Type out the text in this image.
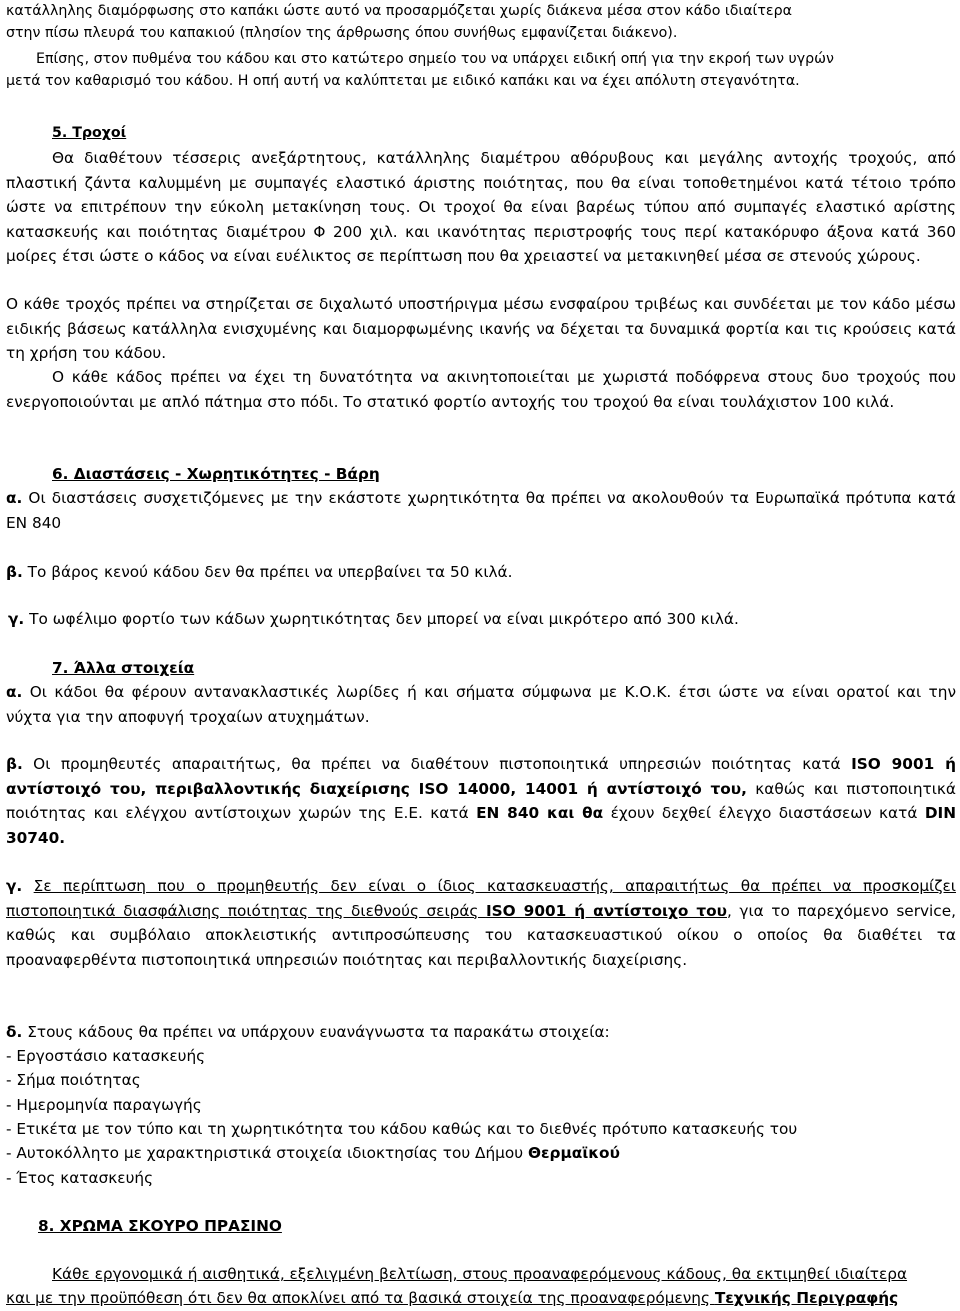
κατάλληλης διαμόρφωσης στο καπάκι ώστε αυτό να προσαρμόζεται χωρίς διάκενα μέσα στον κάδο ιδιαίτερα

στην πίσω πλευρά του καπακιού (πλησίον της άρθρωσης όπου συνήθως εμφανίζεται διάκενο).

Επίσης, στον πυθμένα του κάδου και στο κατώτερο σημείο του να υπάρχει ειδική οπή για την εκροή των υγρών

μετά τον καθαρισμό του κάδου. Η οπή αυτή να καλύπτεται με ειδικό καπάκι και να έχει απόλυτη στεγανότητα.

5. Τροχοί

Θα διαθέτουν τέσσερις ανεξάρτητους, κατάλληλης διαμέτρου αθόρυβους και μεγάλης αντοχής τροχούς, από πλαστική ζάντα καλυμμένη με συμπαγές ελαστικό άριστης ποιότητας, που θα είναι τοποθετημένοι κατά τέτοιο τρόπο ώστε να επιτρέπουν την εύκολη μετακίνηση τους. Οι τροχοί θα είναι βαρέως τύπου από συμπαγές ελαστικό αρίστης κατασκευής και ποιότητας διαμέτρου Φ 200 χιλ. και ικανότητας περιστροφής τους περί κατακόρυφο άξονα κατά 360 μοίρες έτσι ώστε ο κάδος να είναι ευέλικτος σε περίπτωση που θα χρειαστεί να μετακινηθεί μέσα σε στενούς χώρους.

Ο κάθε τροχός πρέπει να στηρίζεται σε διχαλωτό υποστήριγμα μέσω ενσφαίρου τριβέως και συνδέεται με τον κάδο μέσω ειδικής βάσεως κατάλληλα ενισχυμένης και διαμορφωμένης ικανής να δέχεται τα δυναμικά φορτία και τις κρούσεις κατά τη χρήση του κάδου.

Ο κάθε κάδος πρέπει να έχει τη δυνατότητα να ακινητοποιείται με χωριστά ποδόφρενα στους δυο τροχούς που ενεργοποιούνται με απλό πάτημα στο πόδι. Το στατικό φορτίο αντοχής του τροχού θα είναι τουλάχιστον 100 κιλά.

6. Διαστάσεις - Χωρητικότητες - Βάρη

α. Οι διαστάσεις συσχετιζόμενες με την εκάστοτε χωρητικότητα θα πρέπει να ακολουθούν τα Ευρωπαϊκά πρότυπα κατά ΕΝ 840

β. Το βάρος κενού κάδου δεν θα πρέπει να υπερβαίνει τα 50 κιλά.

γ. Το ωφέλιμο φορτίο των κάδων χωρητικότητας δεν μπορεί να είναι μικρότερο από 300 κιλά.

7. Άλλα στοιχεία

α. Οι κάδοι θα φέρουν αντανακλαστικές λωρίδες ή και σήματα σύμφωνα με Κ.Ο.Κ. έτσι ώστε να είναι ορατοί και την νύχτα για την αποφυγή τροχαίων ατυχημάτων.

β. Οι προμηθευτές απαραιτήτως, θα πρέπει να διαθέτουν πιστοποιητικά υπηρεσιών ποιότητας κατά ISO 9001 ή αντίστοιχό του, περιβαλλοντικής διαχείρισης ISO 14000, 14001 ή αντίστοιχό του, καθώς και πιστοποιητικά ποιότητας και ελέγχου αντίστοιχων χωρών της Ε.Ε. κατά ΕΝ 840 και θα έχουν δεχθεί έλεγχο διαστάσεων κατά DIN 30740.

γ. Σε περίπτωση που ο προμηθευτής δεν είναι ο ίδιος κατασκευαστής, απαραιτήτως θα πρέπει να προσκομίζει πιστοποιητικά διασφάλισης ποιότητας της διεθνούς σειράς ISO 9001 ή αντίστοιχο του, για το παρεχόμενο service, καθώς και συμβόλαιο αποκλειστικής αντιπροσώπευσης του κατασκευαστικού οίκου ο οποίος θα διαθέτει τα προαναφερθέντα πιστοποιητικά υπηρεσιών ποιότητας και περιβαλλοντικής διαχείρισης.

δ. Στους κάδους θα πρέπει να υπάρχουν ευανάγνωστα τα παρακάτω στοιχεία:

- Εργοστάσιο κατασκευής

- Σήμα ποιότητας

- Ημερομηνία παραγωγής

- Ετικέτα με τον τύπο και τη χωρητικότητα του κάδου καθώς και το διεθνές πρότυπο κατασκευής του

- Αυτοκόλλητο με χαρακτηριστικά στοιχεία ιδιοκτησίας του Δήμου Θερμαϊκού

- Έτος κατασκευής

8. ΧΡΩΜΑ ΣΚΟΥΡΟ ΠΡΑΣΙΝΟ

Κάθε εργονομικά ή αισθητικά, εξελιγμένη βελτίωση, στους προαναφερόμενους κάδους, θα εκτιμηθεί ιδιαίτερα

και με την προϋπόθεση ότι δεν θα αποκλίνει από τα βασικά στοιχεία της προαναφερόμενης Τεχνικής Περιγραφής
